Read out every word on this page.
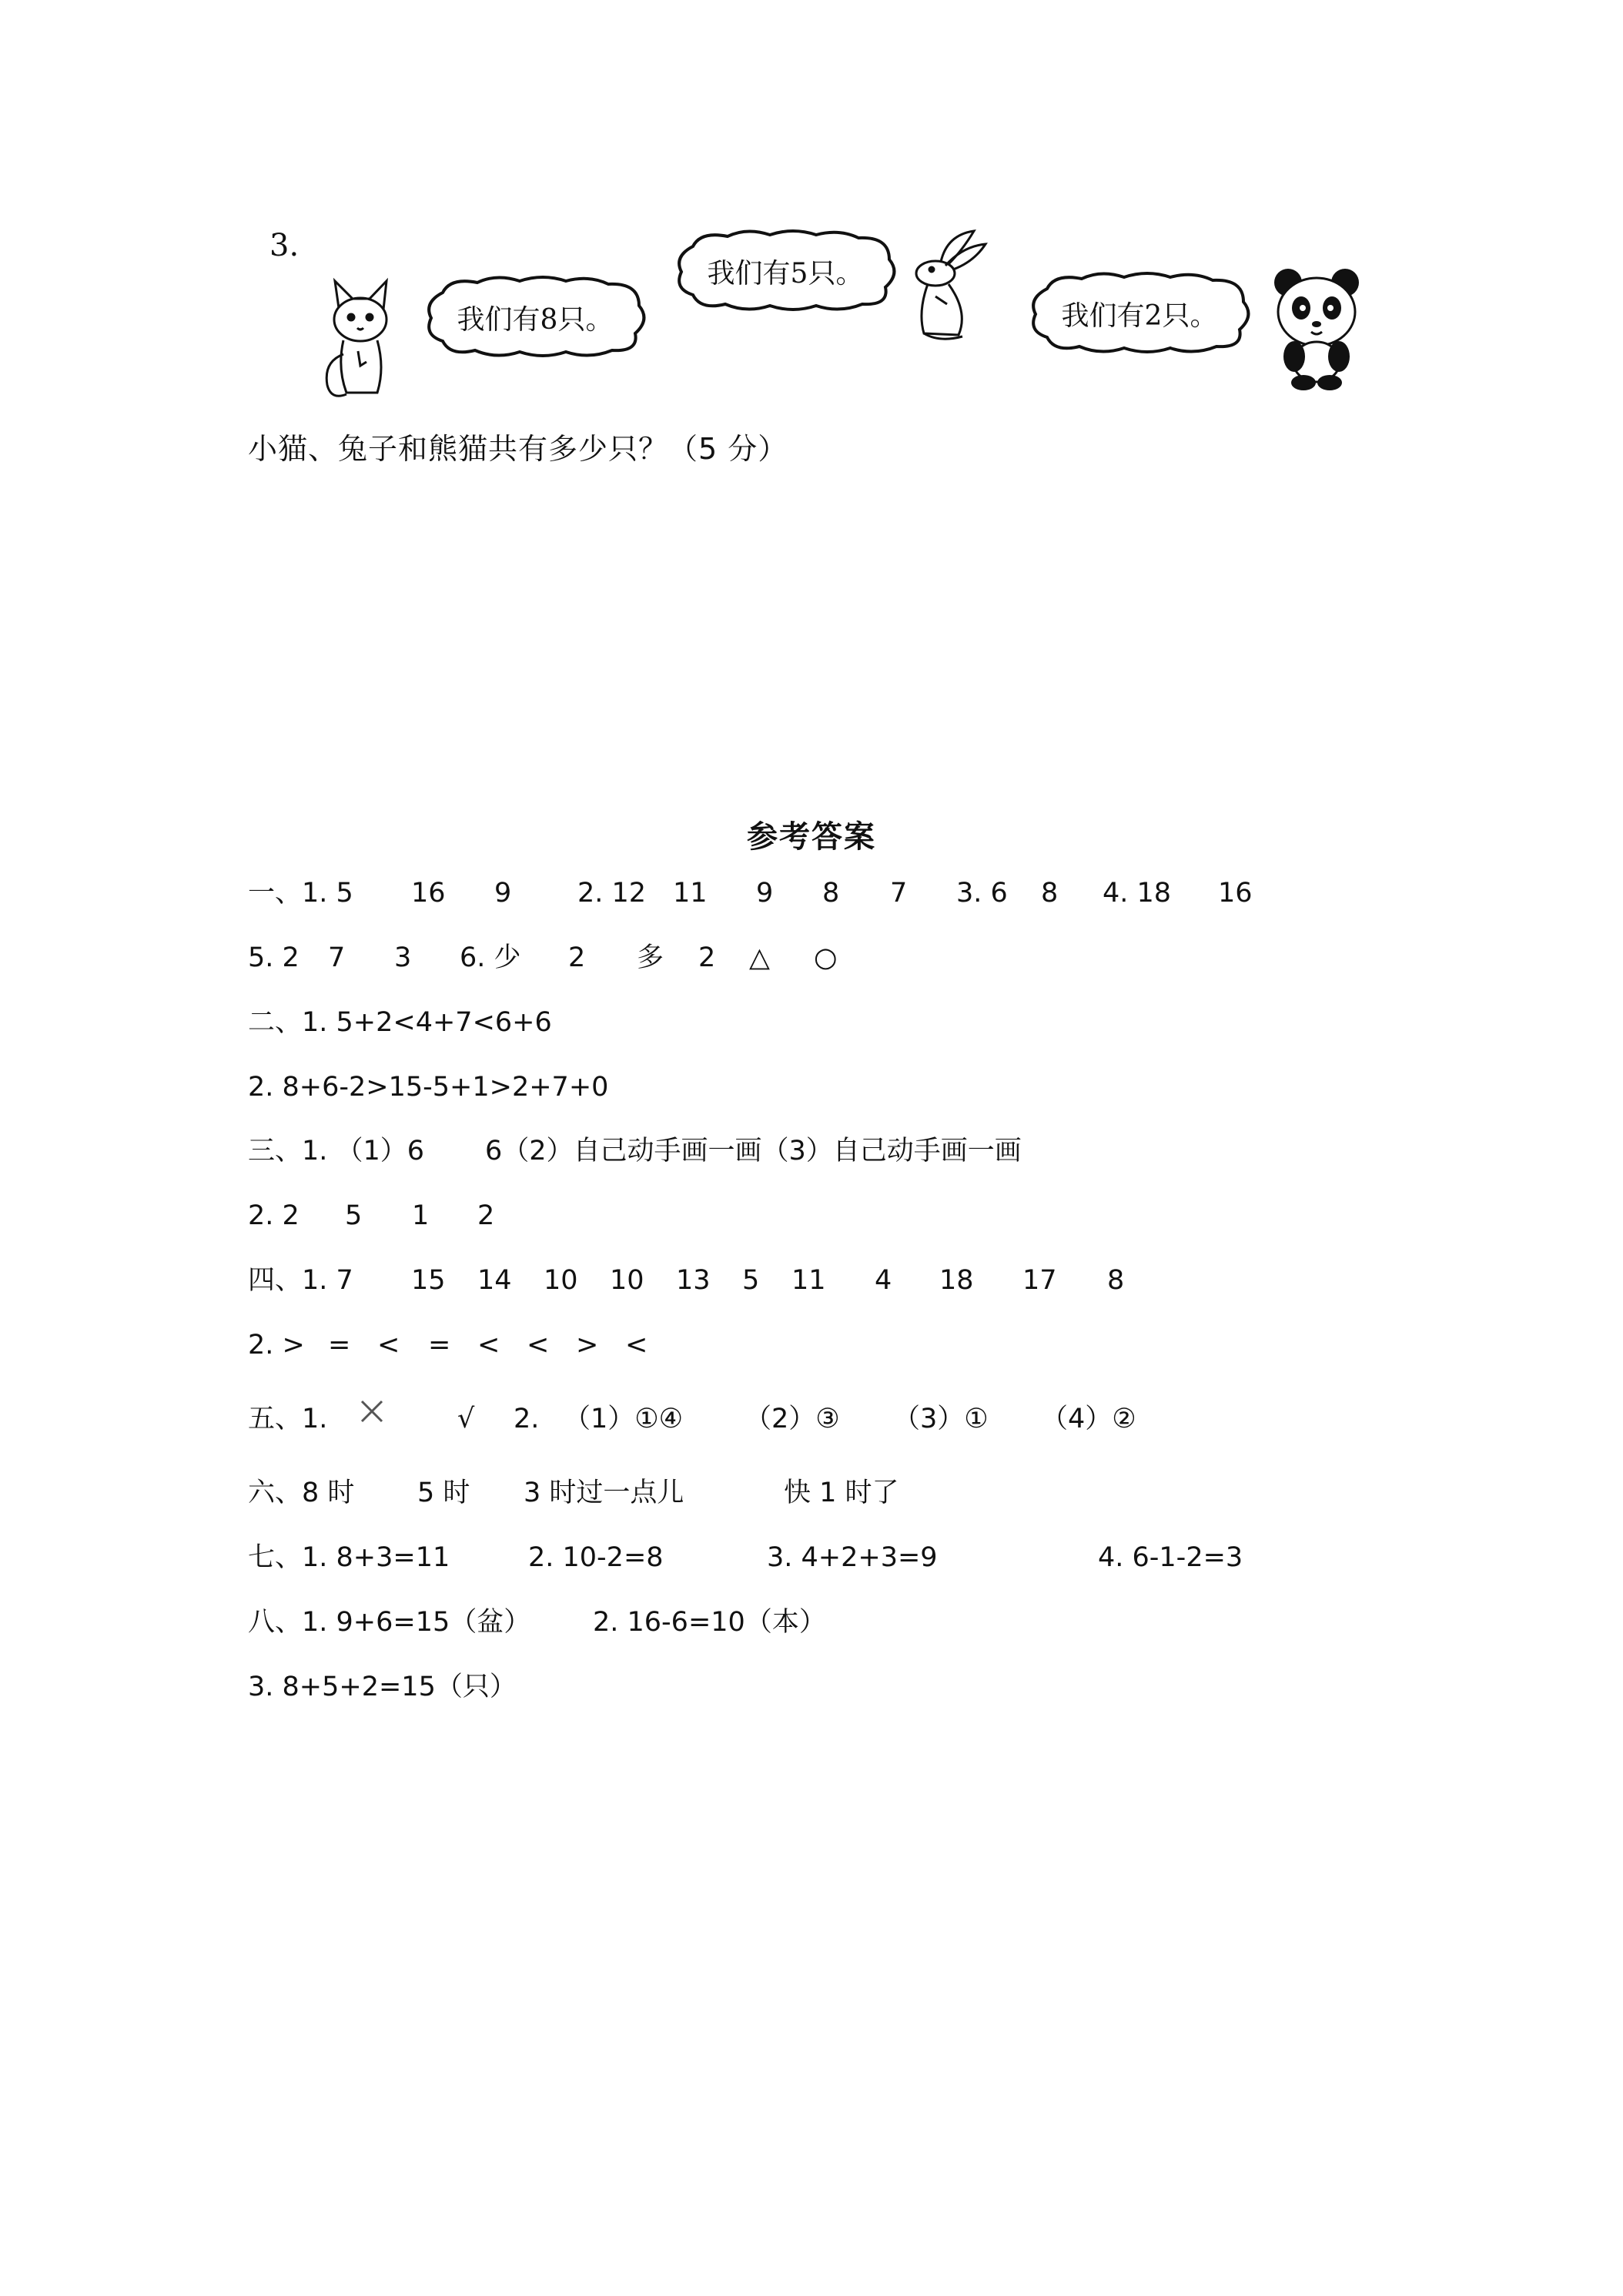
3.
我们有8只。
我们有5只。
我们有2只。
小猫、兔子和熊猫共有多少只？（5 分）
参考答案
一、1. 5 16 9 2. 12 11 9 8 7 3. 6 8 4. 18 16
5. 2 7 3 6. 少 2 多 2 △ ○
二、1. 5+2<4+7<6+6
2. 8+6-2>15-5+1>2+7+0
三、1. （1）6 6（2）自己动手画一画（3）自己动手画一画
2. 2 5 1 2
四、1. 7 15 14 10 10 13 5 11 4 18 17 8
2. > = < = < < > <
五、1.	√ 2. （1）①④ （2）③ （3）① （4）②
六、8 时 5 时 3 时过一点儿	快 1 时了
七、1. 8+3=11	2. 10-2=8	3. 4+2+3=9	4. 6-1-2=3
八、1. 9+6=15（盆） 2. 16-6=10（本）
3. 8+5+2=15（只）
